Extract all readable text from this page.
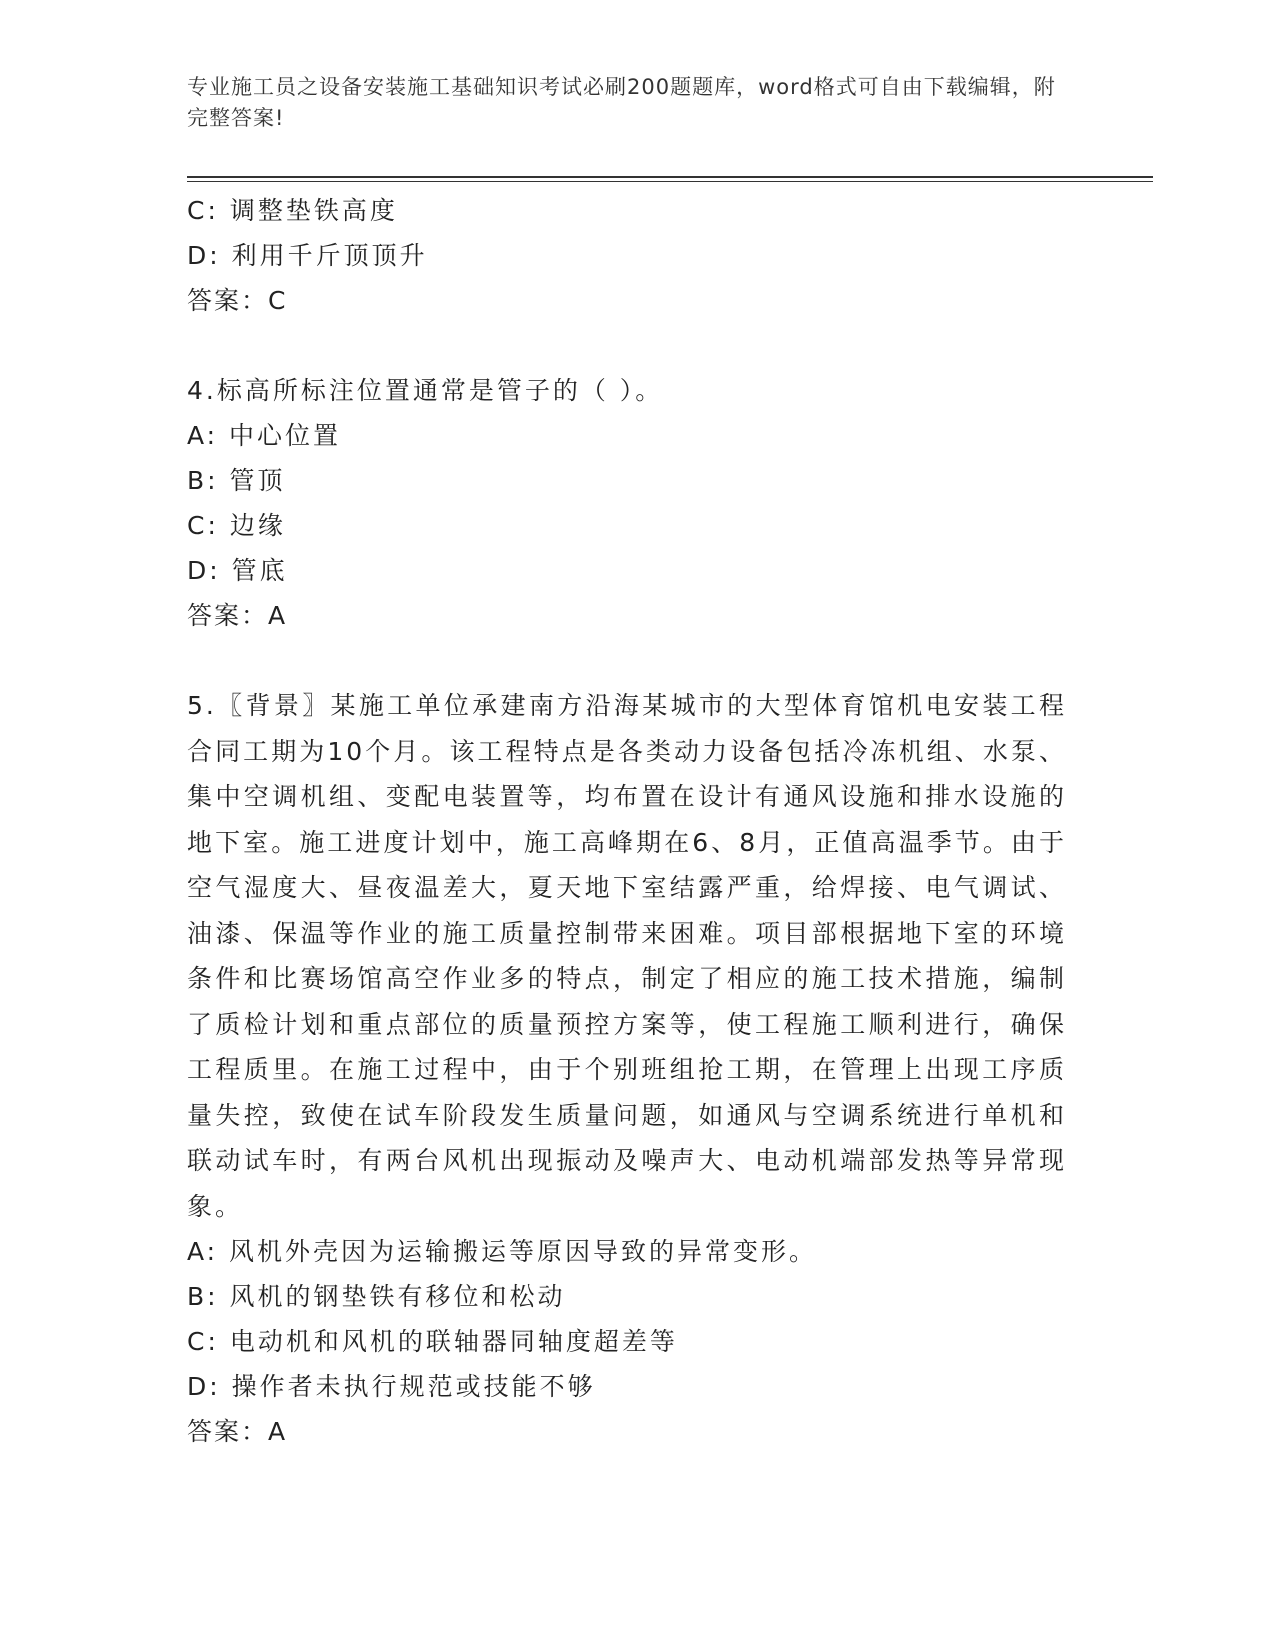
专业施工员之设备安装施工基础知识考试必刷200题题库，word格式可自由下载编辑，附完整答案!
C: 调整垫铁高度
D: 利用千斤顶顶升
答案：C
4.标高所标注位置通常是管子的（ ）。
A: 中心位置
B: 管顶
C: 边缘
D: 管底
答案：A

5.〖背景〗某施工单位承建南方沿海某城市的大型体育馆机电安装工程合同工期为10个月。该工程特点是各类动力设备包括冷冻机组、水泵、集中空调机组、变配电装置等，均布置在设计有通风设施和排水设施的地下室。施工进度计划中，施工高峰期在6、8月，正值高温季节。由于空气湿度大、昼夜温差大，夏天地下室结露严重，给焊接、电气调试、油漆、保温等作业的施工质量控制带来困难。项目部根据地下室的环境条件和比赛场馆高空作业多的特点，制定了相应的施工技术措施，编制了质检计划和重点部位的质量预控方案等，使工程施工顺利进行，确保工程质里。在施工过程中，由于个别班组抢工期，在管理上出现工序质量失控，致使在试车阶段发生质量问题，如通风与空调系统进行单机和联动试车时，有两台风机出现振动及噪声大、电动机端部发热等异常现象。

A: 风机外壳因为运输搬运等原因导致的异常变形。
B: 风机的钢垫铁有移位和松动
C: 电动机和风机的联轴器同轴度超差等
D: 操作者未执行规范或技能不够
答案：A
